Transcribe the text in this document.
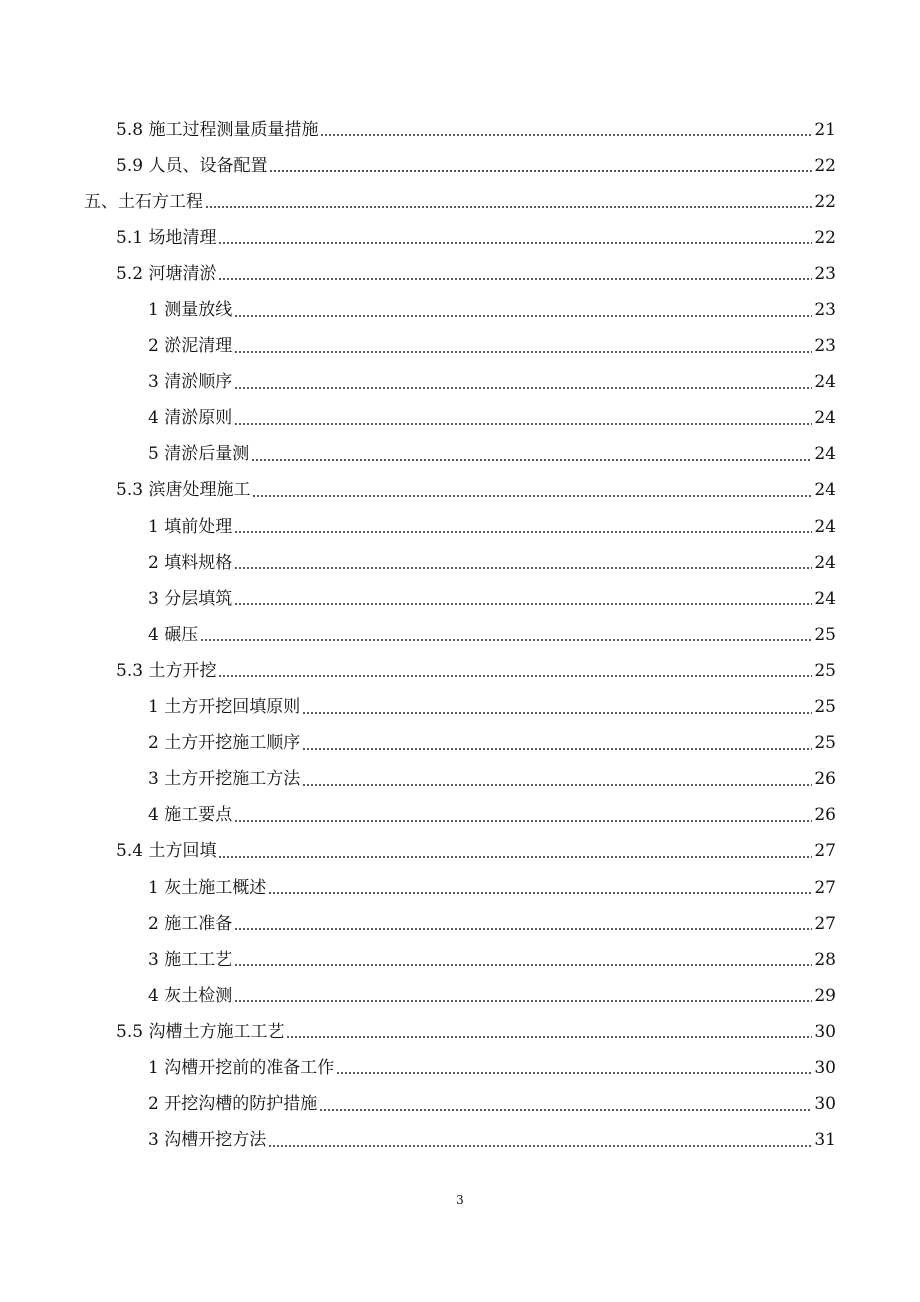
5.8 施工过程测量质量措施	21
5.9 人员、设备配置	22
五、土石方工程	22
5.1 场地清理	22
5.2 河塘清淤	23
1 测量放线	23
2 淤泥清理	23
3 清淤顺序	24
4 清淤原则	24
5 清淤后量测	24
5.3 滨唐处理施工	24
1 填前处理	24
2 填料规格	24
3 分层填筑	24
4 碾压	25
5.3 土方开挖	25
1 土方开挖回填原则	25
2 土方开挖施工顺序	25
3 土方开挖施工方法	26
4 施工要点	26
5.4 土方回填	27
1 灰土施工概述	27
2 施工准备	27
3 施工工艺	28
4 灰土检测	29
5.5 沟槽土方施工工艺	30
1 沟槽开挖前的准备工作	30
2 开挖沟槽的防护措施	30
3 沟槽开挖方法	31
3
